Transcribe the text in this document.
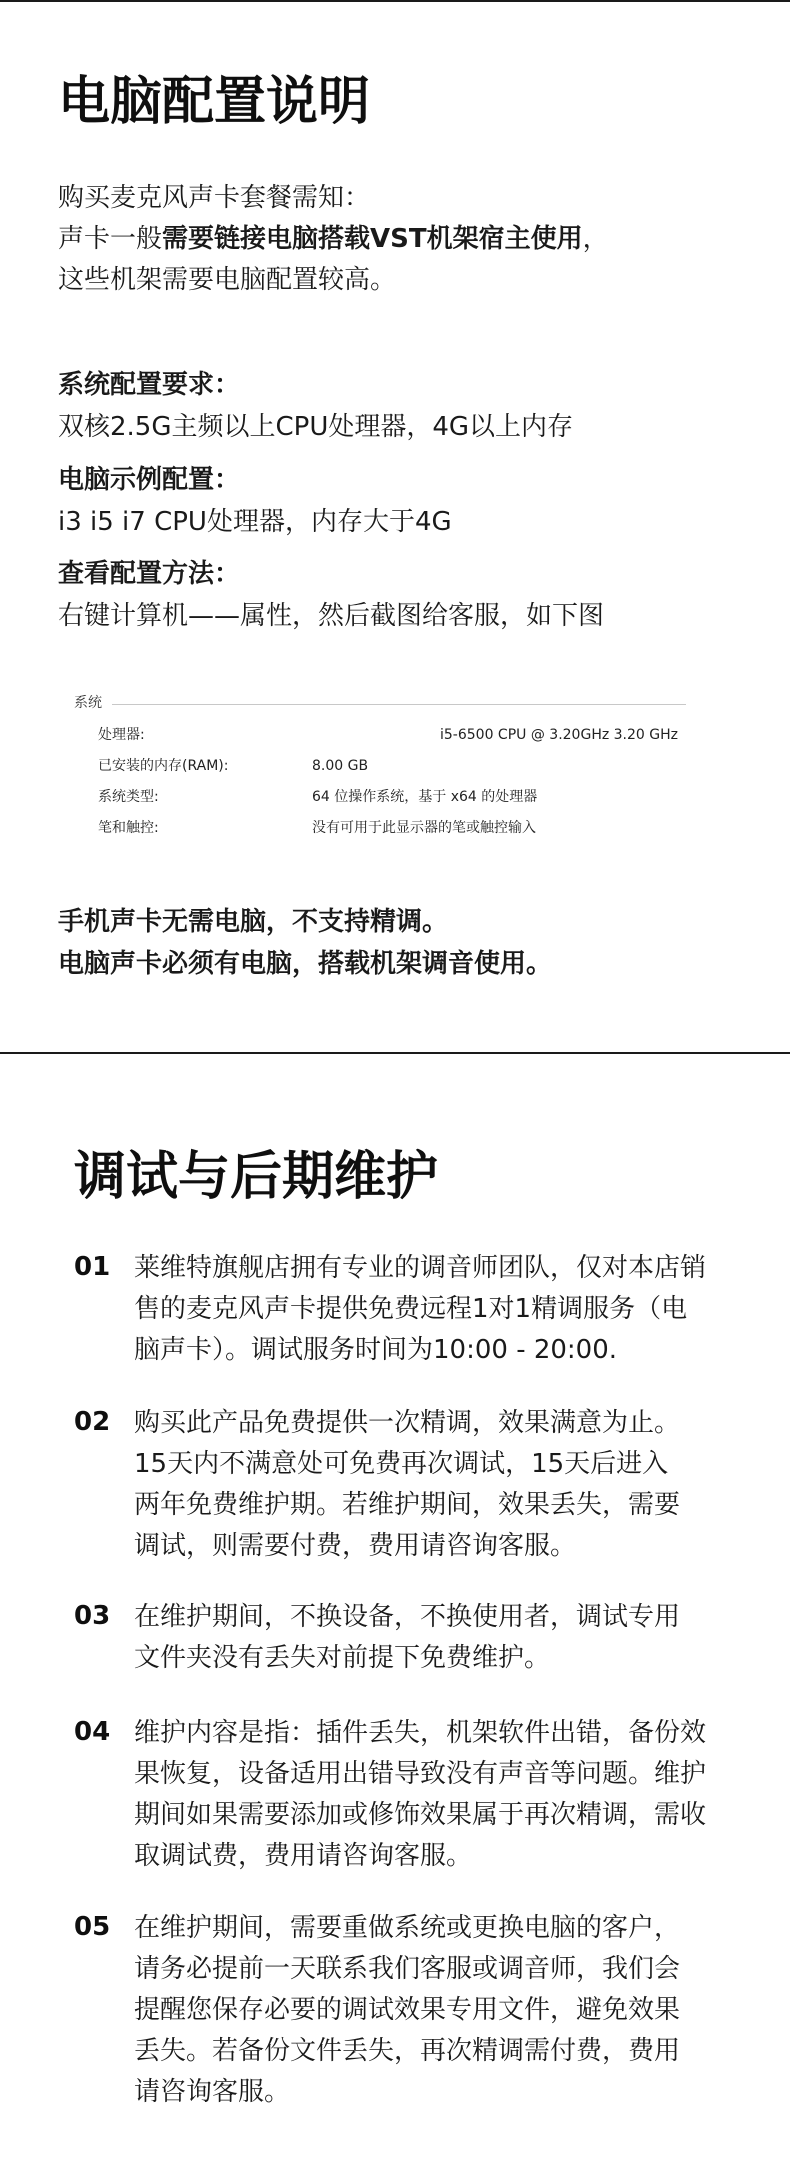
电脑配置说明
购买麦克风声卡套餐需知：
声卡一般需要链接电脑搭载VST机架宿主使用，
这些机架需要电脑配置较高。
系统配置要求：
双核2.5G主频以上CPU处理器，4G以上内存
电脑示例配置：
i3 i5 i7 CPU处理器，内存大于4G
查看配置方法：
右键计算机——属性，然后截图给客服，如下图
系统
处理器:	i5-6500 CPU @ 3.20GHz 3.20 GHz
已安装的内存(RAM):	8.00 GB
系统类型:	64 位操作系统，基于 x64 的处理器
笔和触控:	没有可用于此显示器的笔或触控输入
手机声卡无需电脑，不支持精调。
电脑声卡必须有电脑，搭载机架调音使用。
调试与后期维护
01 莱维特旗舰店拥有专业的调音师团队，仅对本店销
售的麦克风声卡提供免费远程1对1精调服务（电
脑声卡）。调试服务时间为10:00 - 20:00.
02 购买此产品免费提供一次精调，效果满意为止。
15天内不满意处可免费再次调试，15天后进入
两年免费维护期。若维护期间，效果丢失，需要
调试，则需要付费，费用请咨询客服。
03 在维护期间，不换设备，不换使用者，调试专用
文件夹没有丢失对前提下免费维护。
04 维护内容是指：插件丢失，机架软件出错，备份效
果恢复，设备适用出错导致没有声音等问题。维护
期间如果需要添加或修饰效果属于再次精调，需收
取调试费，费用请咨询客服。
05 在维护期间，需要重做系统或更换电脑的客户，
请务必提前一天联系我们客服或调音师，我们会
提醒您保存必要的调试效果专用文件，避免效果
丢失。若备份文件丢失，再次精调需付费，费用
请咨询客服。
